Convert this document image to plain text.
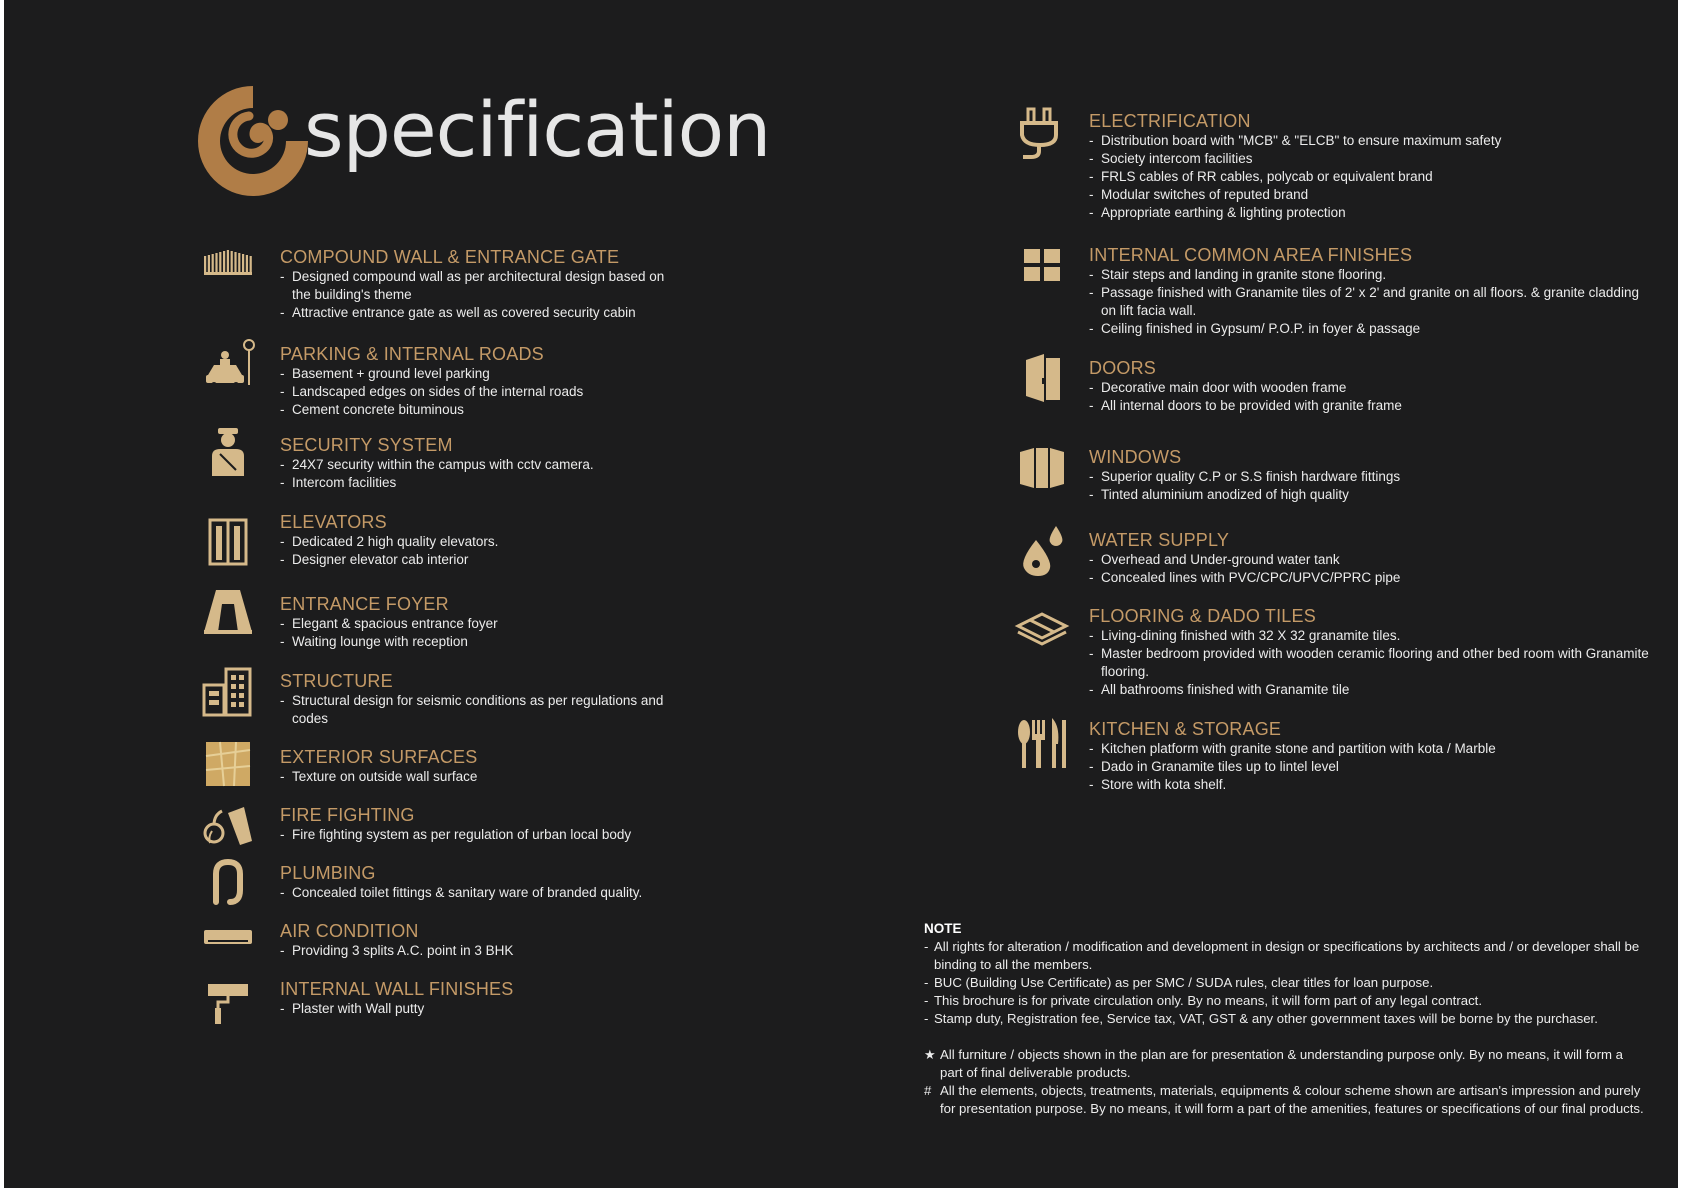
specification
COMPOUND WALL & ENTRANCE GATE
- Designed compound wall as per architectural design based on the building's theme
- Attractive entrance gate as well as covered security cabin
PARKING & INTERNAL ROADS
- Basement + ground level parking
- Landscaped edges on sides of the internal roads
- Cement concrete bituminous
SECURITY SYSTEM
- 24X7 security within the campus with cctv camera.
- Intercom facilities
ELEVATORS
- Dedicated 2 high quality elevators.
- Designer elevator cab interior
ENTRANCE FOYER
- Elegant & spacious entrance foyer
- Waiting lounge with reception
STRUCTURE
- Structural design for seismic conditions as per regulations and codes
EXTERIOR SURFACES
- Texture on outside wall surface
FIRE FIGHTING
- Fire fighting system as per regulation of urban local body
PLUMBING
- Concealed toilet fittings & sanitary ware of branded quality.
AIR CONDITION
- Providing 3 splits A.C. point in 3 BHK
INTERNAL WALL FINISHES
- Plaster with Wall putty
ELECTRIFICATION
- Distribution board with "MCB" & "ELCB" to ensure maximum safety
- Society intercom facilities
- FRLS cables of RR cables, polycab or equivalent brand
- Modular switches of reputed brand
- Appropriate earthing & lighting protection
INTERNAL COMMON AREA FINISHES
- Stair steps and landing in granite stone flooring.
- Passage finished with Granamite tiles of 2' x 2' and granite on all floors. & granite cladding on lift facia wall.
- Ceiling finished in Gypsum/ P.O.P. in foyer & passage
DOORS
- Decorative main door with wooden frame
- All internal doors to be provided with granite frame
WINDOWS
- Superior quality C.P or S.S finish hardware fittings
- Tinted aluminium anodized of high quality
WATER SUPPLY
- Overhead and Under-ground water tank
- Concealed lines with PVC/CPC/UPVC/PPRC pipe
FLOORING & DADO TILES
- Living-dining finished with 32 X 32 granamite tiles.
- Master bedroom provided with wooden ceramic flooring and other bed room with Granamite flooring.
- All bathrooms finished with Granamite tile
KITCHEN & STORAGE
- Kitchen platform with granite stone and partition with kota / Marble
- Dado in Granamite tiles up to lintel level
- Store with kota shelf.
NOTE
- All rights for alteration / modification and development in design or specifications by architects and / or developer shall be binding to all the members.
- BUC (Building Use Certificate) as per SMC / SUDA rules, clear titles for loan purpose.
- This brochure is for private circulation only. By no means, it will form part of any legal contract.
- Stamp duty, Registration fee, Service tax, VAT, GST & any other government taxes will be borne by the purchaser.
★ All furniture / objects shown in the plan are for presentation & understanding purpose only. By no means, it will form a part of final deliverable products.
# All the elements, objects, treatments, materials, equipments & colour scheme shown are artisan's impression and purely for presentation purpose. By no means, it will form a part of the amenities, features or specifications of our final products.
